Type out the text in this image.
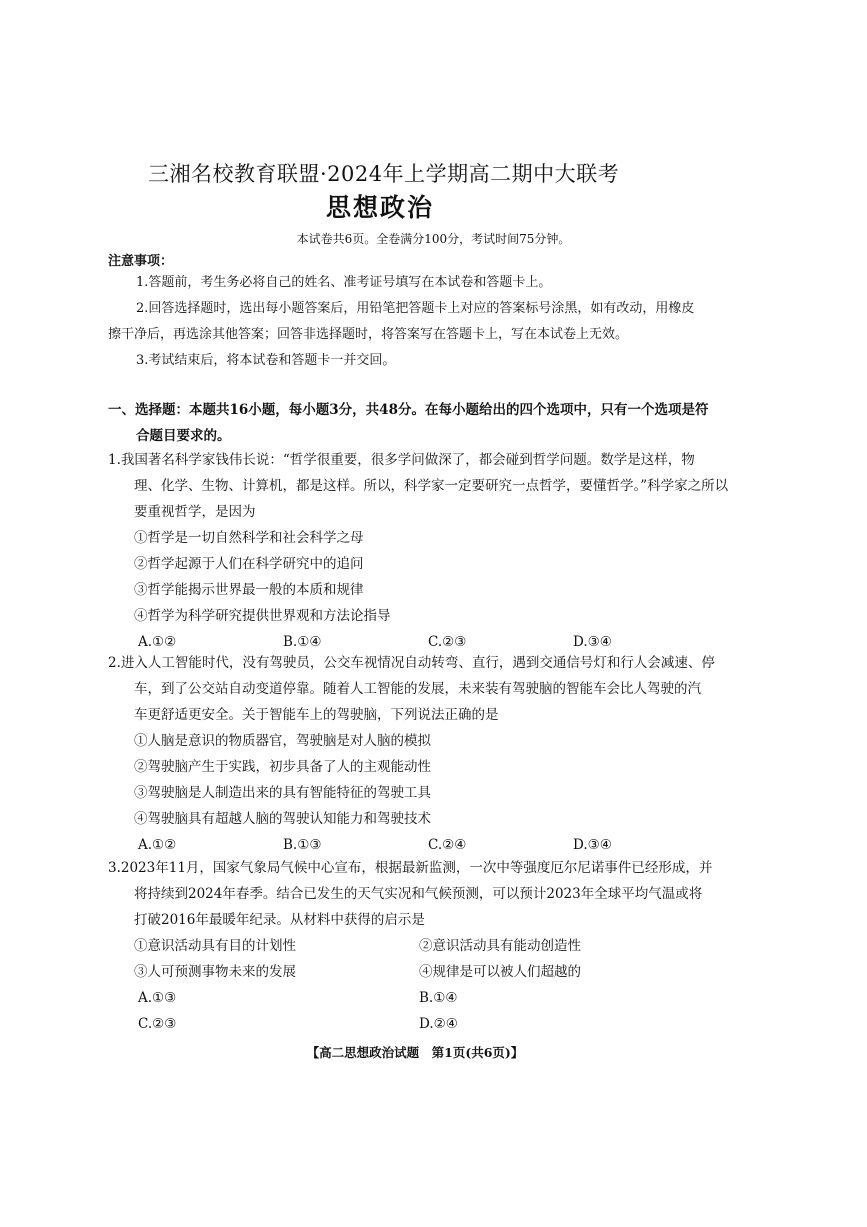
三湘名校教育联盟·2024年上学期高二期中大联考
思想政治
本试卷共6页。全卷满分100分，考试时间75分钟。
注意事项：

1.答题前，考生务必将自己的姓名、准考证号填写在本试卷和答题卡上。

2.回答选择题时，选出每小题答案后，用铅笔把答题卡上对应的答案标号涂黑，如有改动，用橡皮

擦干净后，再选涂其他答案；回答非选择题时，将答案写在答题卡上，写在本试卷上无效。

3.考试结束后，将本试卷和答题卡一并交回。

一、选择题：本题共16小题，每小题3分，共48分。在每小题给出的四个选项中，只有一个选项是符

合题目要求的。

1.我国著名科学家钱伟长说：“哲学很重要，很多学问做深了，都会碰到哲学问题。数学是这样，物

理、化学、生物、计算机，都是这样。所以，科学家一定要研究一点哲学，要懂哲学。”科学家之所以

要重视哲学，是因为

①哲学是一切自然科学和社会科学之母

②哲学起源于人们在科学研究中的追问

③哲学能揭示世界最一般的本质和规律

④哲学为科学研究提供世界观和方法论指导

A.①②	B.①④	C.②③	D.③④

2.进入人工智能时代，没有驾驶员，公交车视情况自动转弯、直行，遇到交通信号灯和行人会减速、停

车，到了公交站自动变道停靠。随着人工智能的发展，未来装有驾驶脑的智能车会比人驾驶的汽

车更舒适更安全。关于智能车上的驾驶脑，下列说法正确的是

①人脑是意识的物质器官，驾驶脑是对人脑的模拟

②驾驶脑产生于实践，初步具备了人的主观能动性

③驾驶脑是人制造出来的具有智能特征的驾驶工具

④驾驶脑具有超越人脑的驾驶认知能力和驾驶技术

A.①②	B.①③	C.②④	D.③④

3.2023年11月，国家气象局气候中心宣布，根据最新监测，一次中等强度厄尔尼诺事件已经形成，并

将持续到2024年春季。结合已发生的天气实况和气候预测，可以预计2023年全球平均气温或将

打破2016年最暖年纪录。从材料中获得的启示是

①意识活动具有目的计划性	②意识活动具有能动创造性
③人可预测事物未来的发展	④规律是可以被人们超越的
A.①③	B.①④
C.②③	D.②④
【高二思想政治试题　第1页(共6页)】
